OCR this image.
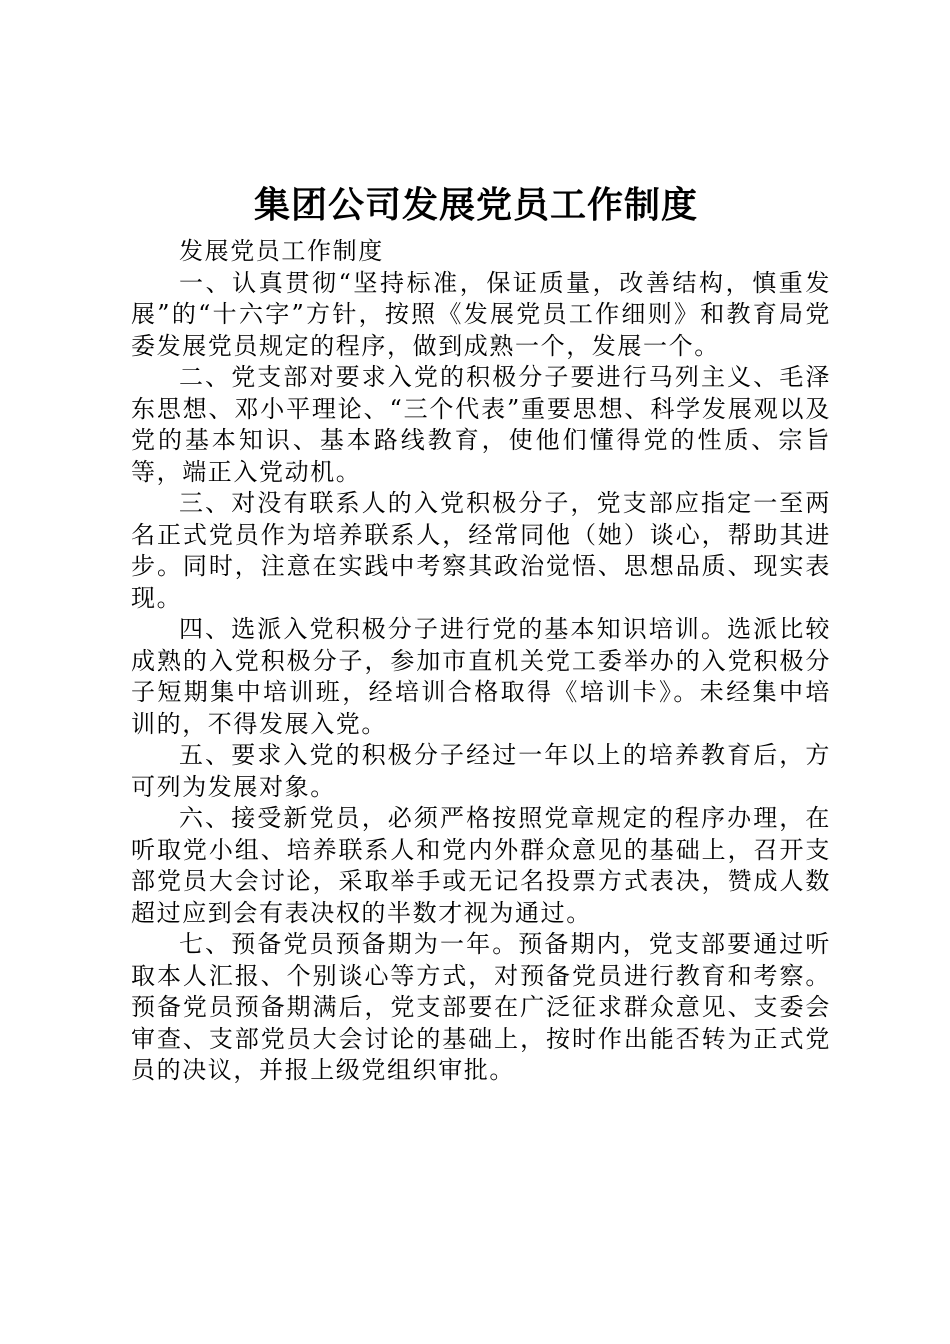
集团公司发展党员工作制度

发展党员工作制度

一、认真贯彻“坚持标准，保证质量，改善结构，慎重发展”的“十六字”方针，按照《发展党员工作细则》和教育局党委发展党员规定的程序，做到成熟一个，发展一个。

二、党支部对要求入党的积极分子要进行马列主义、毛泽东思想、邓小平理论、“三个代表”重要思想、科学发展观以及党的基本知识、基本路线教育，使他们懂得党的性质、宗旨等，端正入党动机。

三、对没有联系人的入党积极分子，党支部应指定一至两名正式党员作为培养联系人，经常同他（她）谈心，帮助其进步。同时，注意在实践中考察其政治觉悟、思想品质、现实表现。

四、选派入党积极分子进行党的基本知识培训。选派比较成熟的入党积极分子，参加市直机关党工委举办的入党积极分子短期集中培训班，经培训合格取得《培训卡》。未经集中培训的，不得发展入党。

五、要求入党的积极分子经过一年以上的培养教育后，方可列为发展对象。

六、接受新党员，必须严格按照党章规定的程序办理，在听取党小组、培养联系人和党内外群众意见的基础上，召开支部党员大会讨论，采取举手或无记名投票方式表决，赞成人数超过应到会有表决权的半数才视为通过。

七、预备党员预备期为一年。预备期内，党支部要通过听取本人汇报、个别谈心等方式，对预备党员进行教育和考察。预备党员预备期满后，党支部要在广泛征求群众意见、支委会审查、支部党员大会讨论的基础上，按时作出能否转为正式党员的决议，并报上级党组织审批。
